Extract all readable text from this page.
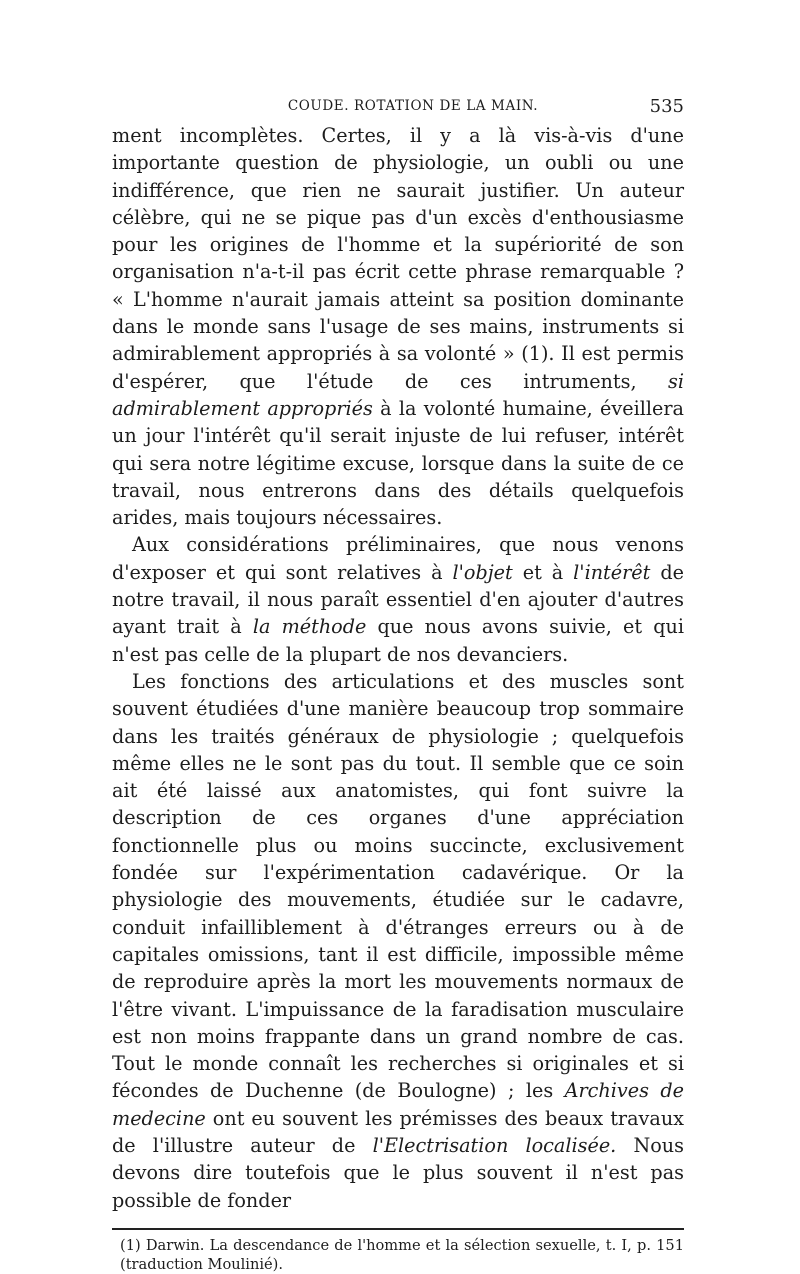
COUDE. ROTATION DE LA MAIN.	535

ment incomplètes. Certes, il y a là vis-à-vis d'une importante question de physiologie, un oubli ou une indifférence, que rien ne saurait justifier. Un auteur célèbre, qui ne se pique pas d'un excès d'enthousiasme pour les origines de l'homme et la supériorité de son organisation n'a-t-il pas écrit cette phrase remarquable ? « L'homme n'aurait jamais atteint sa position dominante dans le monde sans l'usage de ses mains, instruments si admirablement appropriés à sa volonté » (1). Il est permis d'espérer, que l'étude de ces intruments, si admirablement appropriés à la volonté humaine, éveillera un jour l'intérêt qu'il serait injuste de lui refuser, intérêt qui sera notre légitime excuse, lorsque dans la suite de ce travail, nous entrerons dans des détails quelquefois arides, mais toujours nécessaires.

Aux considérations préliminaires, que nous venons d'exposer et qui sont relatives à l'objet et à l'intérêt de notre travail, il nous paraît essentiel d'en ajouter d'autres ayant trait à la méthode que nous avons suivie, et qui n'est pas celle de la plupart de nos devanciers.

Les fonctions des articulations et des muscles sont souvent étudiées d'une manière beaucoup trop sommaire dans les traités généraux de physiologie ; quelquefois même elles ne le sont pas du tout. Il semble que ce soin ait été laissé aux anatomistes, qui font suivre la description de ces organes d'une appréciation fonctionnelle plus ou moins succincte, exclusivement fondée sur l'expérimentation cadavérique. Or la physiologie des mouvements, étudiée sur le cadavre, conduit infailliblement à d'étranges erreurs ou à de capitales omissions, tant il est difficile, impossible même de reproduire après la mort les mouvements normaux de l'être vivant. L'impuissance de la faradisation musculaire est non moins frappante dans un grand nombre de cas. Tout le monde connaît les recherches si originales et si fécondes de Duchenne (de Boulogne) ; les Archives de medecine ont eu souvent les prémisses des beaux travaux de l'illustre auteur de l'Electrisation localisée. Nous devons dire toutefois que le plus souvent il n'est pas possible de fonder

(1) Darwin. La descendance de l'homme et la sélection sexuelle, t. I, p. 151 (traduction Moulinié).
